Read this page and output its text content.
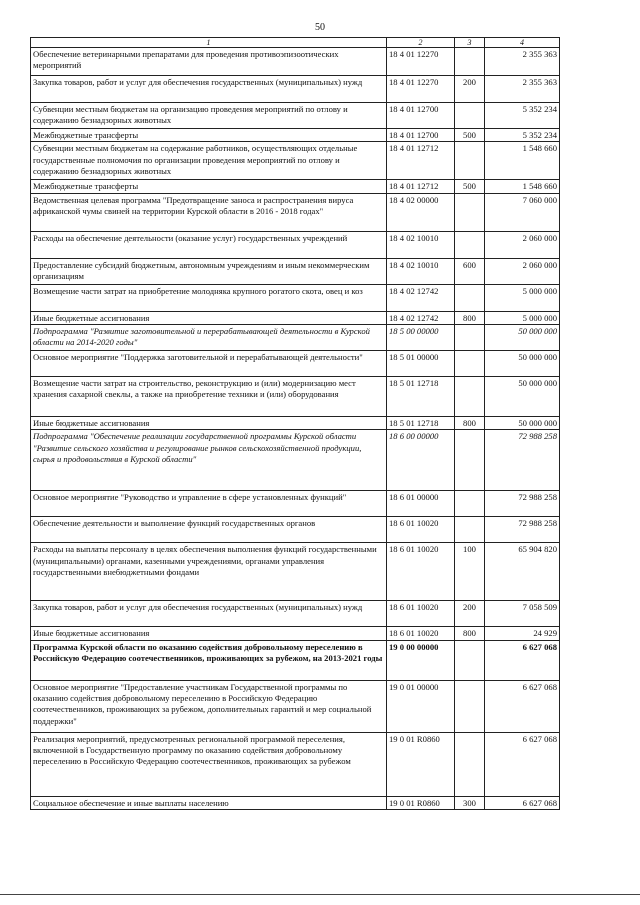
50
1	2	3	4
Обеспечение ветеринарными препаратами для проведения противоэпизоотических мероприятий	18 4 01 12270		2 355 363
Закупка товаров, работ и услуг для обеспечения государственных (муниципальных) нужд	18 4 01 12270	200	2 355 363
Субвенции местным бюджетам на организацию проведения мероприятий по отлову и содержанию безнадзорных животных	18 4 01 12700		5 352 234
Межбюджетные трансферты	18 4 01 12700	500	5 352 234
Субвенции местным бюджетам на содержание работников, осуществляющих отдельные государственные полномочия по организации проведения мероприятий по отлову и содержанию безнадзорных животных	18 4 01 12712		1 548 660
Межбюджетные трансферты	18 4 01 12712	500	1 548 660
Ведомственная целевая программа "Предотвращение заноса и распространения вируса африканской чумы свиней на территории Курской области в 2016 - 2018 годах"	18 4 02 00000		7 060 000
Расходы на обеспечение деятельности (оказание услуг) государственных учреждений	18 4 02 10010		2 060 000
Предоставление субсидий бюджетным, автономным учреждениям и иным некоммерческим организациям	18 4 02 10010	600	2 060 000
Возмещение части затрат на приобретение молодняка крупного рогатого скота, овец и коз	18 4 02 12742		5 000 000
Иные бюджетные ассигнования	18 4 02 12742	800	5 000 000
Подпрограмма "Развитие заготовительной и перерабатывающей деятельности в Курской области на 2014-2020 годы"	18 5 00 00000		50 000 000
Основное мероприятие "Поддержка заготовительной и перерабатывающей деятельности"	18 5 01 00000		50 000 000
Возмещение части затрат на строительство, реконструкцию и (или) модернизацию мест хранения сахарной свеклы, а также на приобретение техники и (или) оборудования	18 5 01 12718		50 000 000
Иные бюджетные ассигнования	18 5 01 12718	800	50 000 000
Подпрограмма "Обеспечение реализации государственной программы Курской области "Развитие сельского хозяйства и регулирование рынков сельскохозяйственной продукции, сырья и продовольствия в Курской области"	18 6 00 00000		72 988 258
Основное мероприятие "Руководство и управление в сфере установленных функций"	18 6 01 00000		72 988 258
Обеспечение деятельности и выполнение функций государственных органов	18 6 01 10020		72 988 258
Расходы на выплаты персоналу в целях обеспечения выполнения функций государственными (муниципальными) органами, казенными учреждениями, органами управления государственными внебюджетными фондами	18 6 01 10020	100	65 904 820
Закупка товаров, работ и услуг для обеспечения государственных (муниципальных) нужд	18 6 01 10020	200	7 058 509
Иные бюджетные ассигнования	18 6 01 10020	800	24 929
Программа Курской области по оказанию содействия добровольному переселению в Российскую Федерацию соотечественников, проживающих за рубежом, на 2013-2021 годы	19 0 00 00000		6 627 068
Основное мероприятие "Предоставление участникам Государственной программы по оказанию содействия добровольному переселению в Российскую Федерацию соотечественников, проживающих за рубежом, дополнительных гарантий и мер социальной поддержки"	19 0 01 00000		6 627 068
Реализация мероприятий, предусмотренных региональной программой переселения, включенной в Государственную программу по оказанию содействия добровольному переселению в Российскую Федерацию соотечественников, проживающих за рубежом	19 0 01 R0860		6 627 068
Социальное обеспечение и иные выплаты населению	19 0 01 R0860	300	6 627 068
